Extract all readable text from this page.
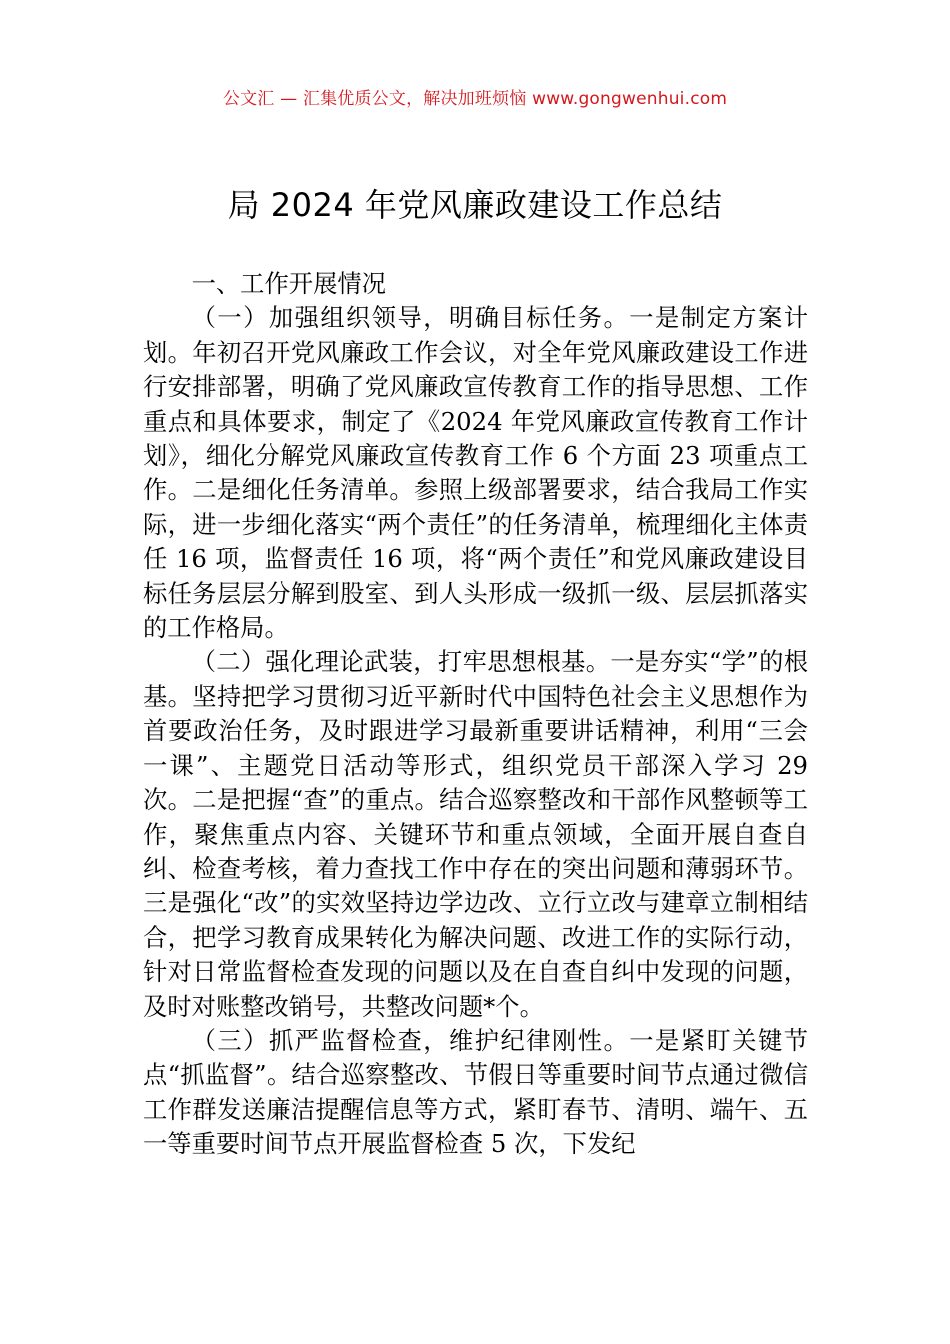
公文汇 — 汇集优质公文，解决加班烦恼 www.gongwenhui.com
局 2024 年党风廉政建设工作总结

一、工作开展情况

（一）加强组织领导，明确目标任务。一是制定方案计划。年初召开党风廉政工作会议，对全年党风廉政建设工作进行安排部署，明确了党风廉政宣传教育工作的指导思想、工作重点和具体要求，制定了《2024 年党风廉政宣传教育工作计划》，细化分解党风廉政宣传教育工作 6 个方面 23 项重点工作。二是细化任务清单。参照上级部署要求，结合我局工作实际，进一步细化落实“两个责任”的任务清单，梳理细化主体责任 16 项，监督责任 16 项，将“两个责任”和党风廉政建设目标任务层层分解到股室、到人头形成一级抓一级、层层抓落实的工作格局。

（二）强化理论武装，打牢思想根基。一是夯实“学”的根基。坚持把学习贯彻习近平新时代中国特色社会主义思想作为首要政治任务，及时跟进学习最新重要讲话精神，利用“三会一课”、主题党日活动等形式，组织党员干部深入学习 29 次。二是把握“查”的重点。结合巡察整改和干部作风整顿等工作，聚焦重点内容、关键环节和重点领域，全面开展自查自纠、检查考核，着力查找工作中存在的突出问题和薄弱环节。三是强化“改”的实效坚持边学边改、立行立改与建章立制相结合，把学习教育成果转化为解决问题、改进工作的实际行动，针对日常监督检查发现的问题以及在自查自纠中发现的问题，及时对账整改销号，共整改问题*个。

（三）抓严监督检查，维护纪律刚性。一是紧盯关键节点“抓监督”。结合巡察整改、节假日等重要时间节点通过微信工作群发送廉洁提醒信息等方式，紧盯春节、清明、端午、五一等重要时间节点开展监督检查 5 次，下发纪
